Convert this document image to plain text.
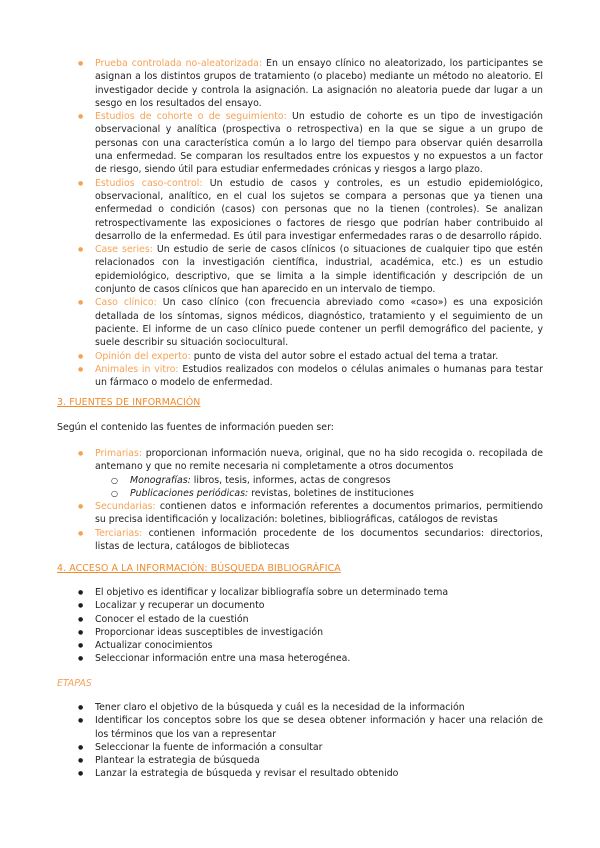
● Prueba controlada no-aleatorizada: En un ensayo clínico no aleatorizado, los participantes se asignan a los distintos grupos de tratamiento (o placebo) mediante un método no aleatorio. El investigador decide y controla la asignación. La asignación no aleatoria puede dar lugar a un sesgo en los resultados del ensayo.
● Estudios de cohorte o de seguimiento: Un estudio de cohorte es un tipo de investigación observacional y analítica (prospectiva o retrospectiva) en la que se sigue a un grupo de personas con una característica común a lo largo del tiempo para observar quién desarrolla una enfermedad. Se comparan los resultados entre los expuestos y no expuestos a un factor de riesgo, siendo útil para estudiar enfermedades crónicas y riesgos a largo plazo.
● Estudios caso-control: Un estudio de casos y controles, es un estudio epidemiológico, observacional, analítico, en el cual los sujetos se compara a personas que ya tienen una enfermedad o condición (casos) con personas que no la tienen (controles). Se analizan retrospectivamente las exposiciones o factores de riesgo que podrían haber contribuido al desarrollo de la enfermedad. Es útil para investigar enfermedades raras o de desarrollo rápido.
● Case series: Un estudio de serie de casos clínicos (o situaciones de cualquier tipo que estén relacionados con la investigación científica, industrial, académica, etc.) es un estudio epidemiológico, descriptivo, que se limita a la simple identificación y descripción de un conjunto de casos clínicos que han aparecido en un intervalo de tiempo.
● Caso clínico: Un caso clínico (con frecuencia abreviado como «caso») es una exposición detallada de los síntomas, signos médicos, diagnóstico, tratamiento y el seguimiento de un paciente. El informe de un caso clínico puede contener un perfil demográfico del paciente, y suele describir su situación sociocultural.
● Opinión del experto: punto de vista del autor sobre el estado actual del tema a tratar.
● Animales in vitro: Estudios realizados con modelos o células animales o humanas para testar un fármaco o modelo de enfermedad.
3. FUENTES DE INFORMACIÓN
Según el contenido las fuentes de información pueden ser:
● Primarias: proporcionan información nueva, original, que no ha sido recogida o. recopilada de antemano y que no remite necesaria ni completamente a otros documentos
○ Monografías: libros, tesis, informes, actas de congresos
○ Publicaciones periódicas: revistas, boletines de instituciones
● Secundarias: contienen datos e información referentes a documentos primarios, permitiendo su precisa identificación y localización: boletines, bibliográficas, catálogos de revistas
● Terciarias: contienen información procedente de los documentos secundarios: directorios, listas de lectura, catálogos de bibliotecas
4. ACCESO A LA INFORMACIÓN: BÚSQUEDA BIBLIOGRÁFICA
● El objetivo es identificar y localizar bibliografía sobre un determinado tema
● Localizar y recuperar un documento
● Conocer el estado de la cuestión
● Proporcionar ideas susceptibles de investigación
● Actualizar conocimientos
● Seleccionar información entre una masa heterogénea.
ETAPAS
● Tener claro el objetivo de la búsqueda y cuál es la necesidad de la información
● Identificar los conceptos sobre los que se desea obtener información y hacer una relación de los términos que los van a representar
● Seleccionar la fuente de información a consultar
● Plantear la estrategia de búsqueda
● Lanzar la estrategia de búsqueda y revisar el resultado obtenido
